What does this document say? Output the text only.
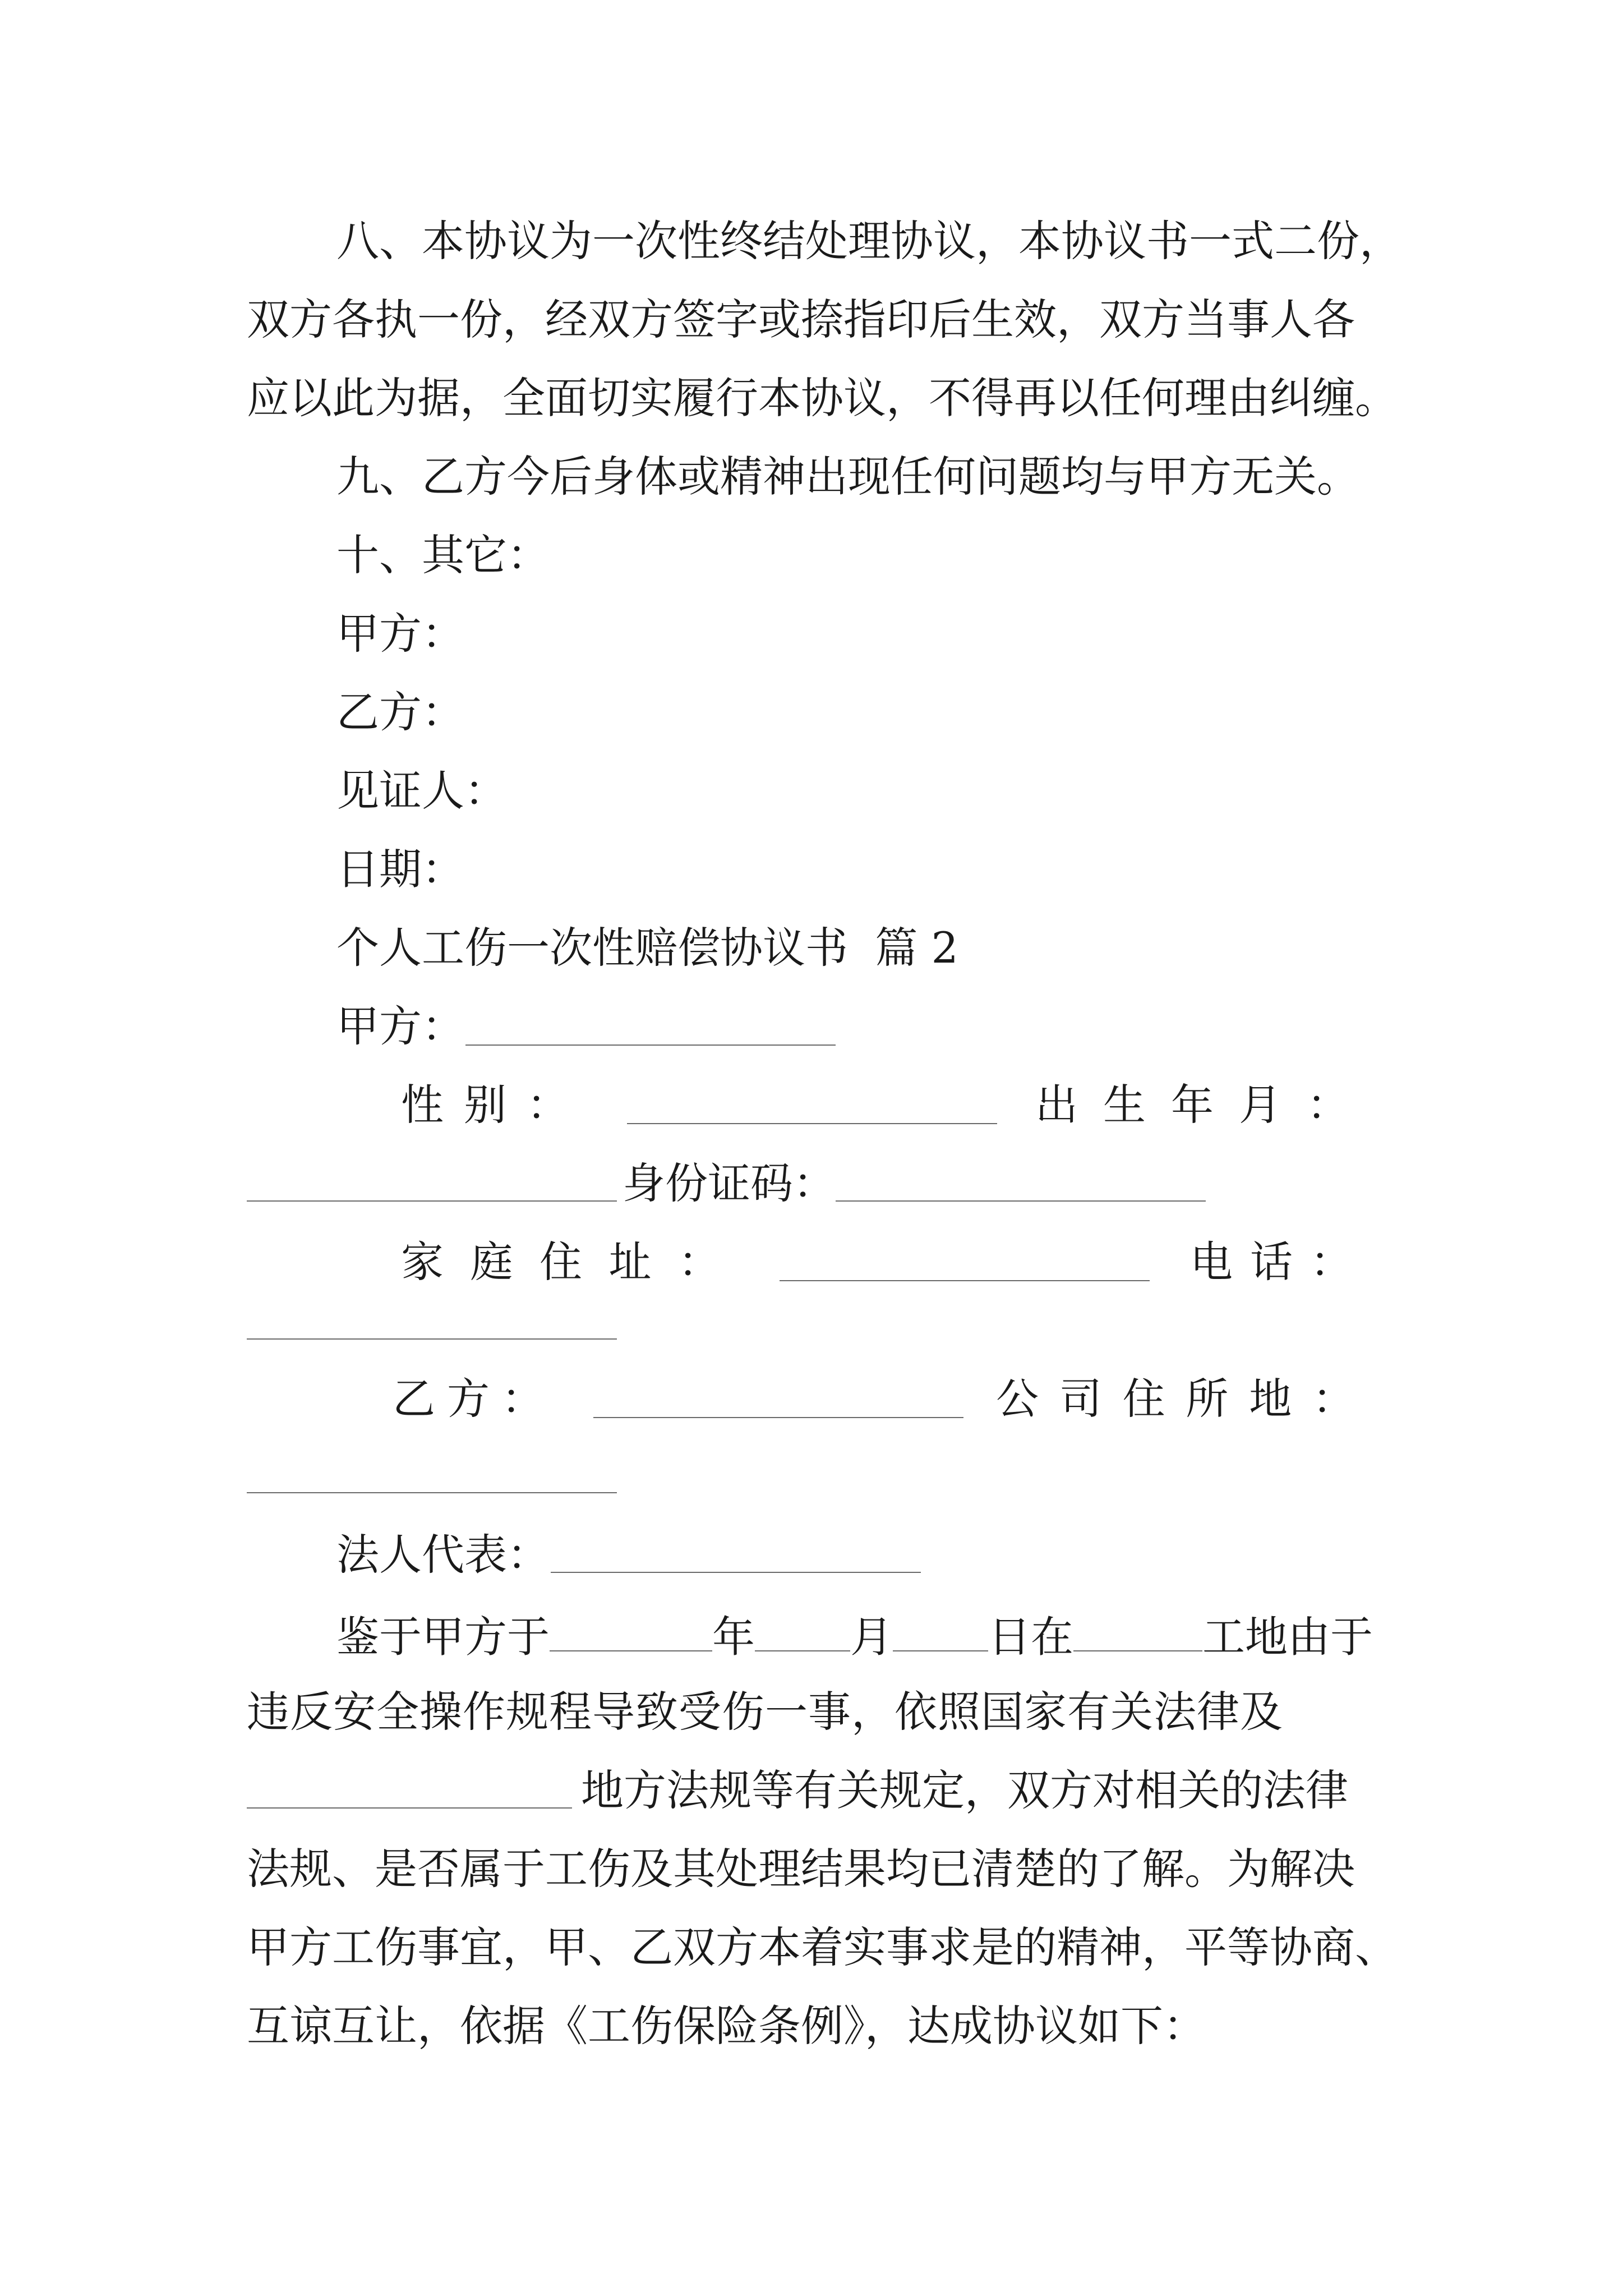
八、本协议为一次性终结处理协议，本协议书一式二份，
双方各执一份，经双方签字或捺指印后生效，双方当事人各
应以此为据，全面切实履行本协议，不得再以任何理由纠缠。
九、乙方今后身体或精神出现任何问题均与甲方无关。
十、其它：
甲方：
乙方：
见证人：
日期：
个人工伤一次性赔偿协议书  篇 2
甲方：
性 别 ：	出 生 年 月 ：
身份证码：
家 庭 住 址 ：	电 话 ：
乙 方 ：	公 司 住 所 地 ：
法人代表：
鉴于甲方于	年 月 日在	工地由于
违反安全操作规程导致受伤一事，依照国家有关法律及
地方法规等有关规定，双方对相关的法律
法规、是否属于工伤及其处理结果均已清楚的了解。为解决
甲方工伤事宜，甲、乙双方本着实事求是的精神，平等协商、
互谅互让，依据《工伤保险条例》，达成协议如下：
